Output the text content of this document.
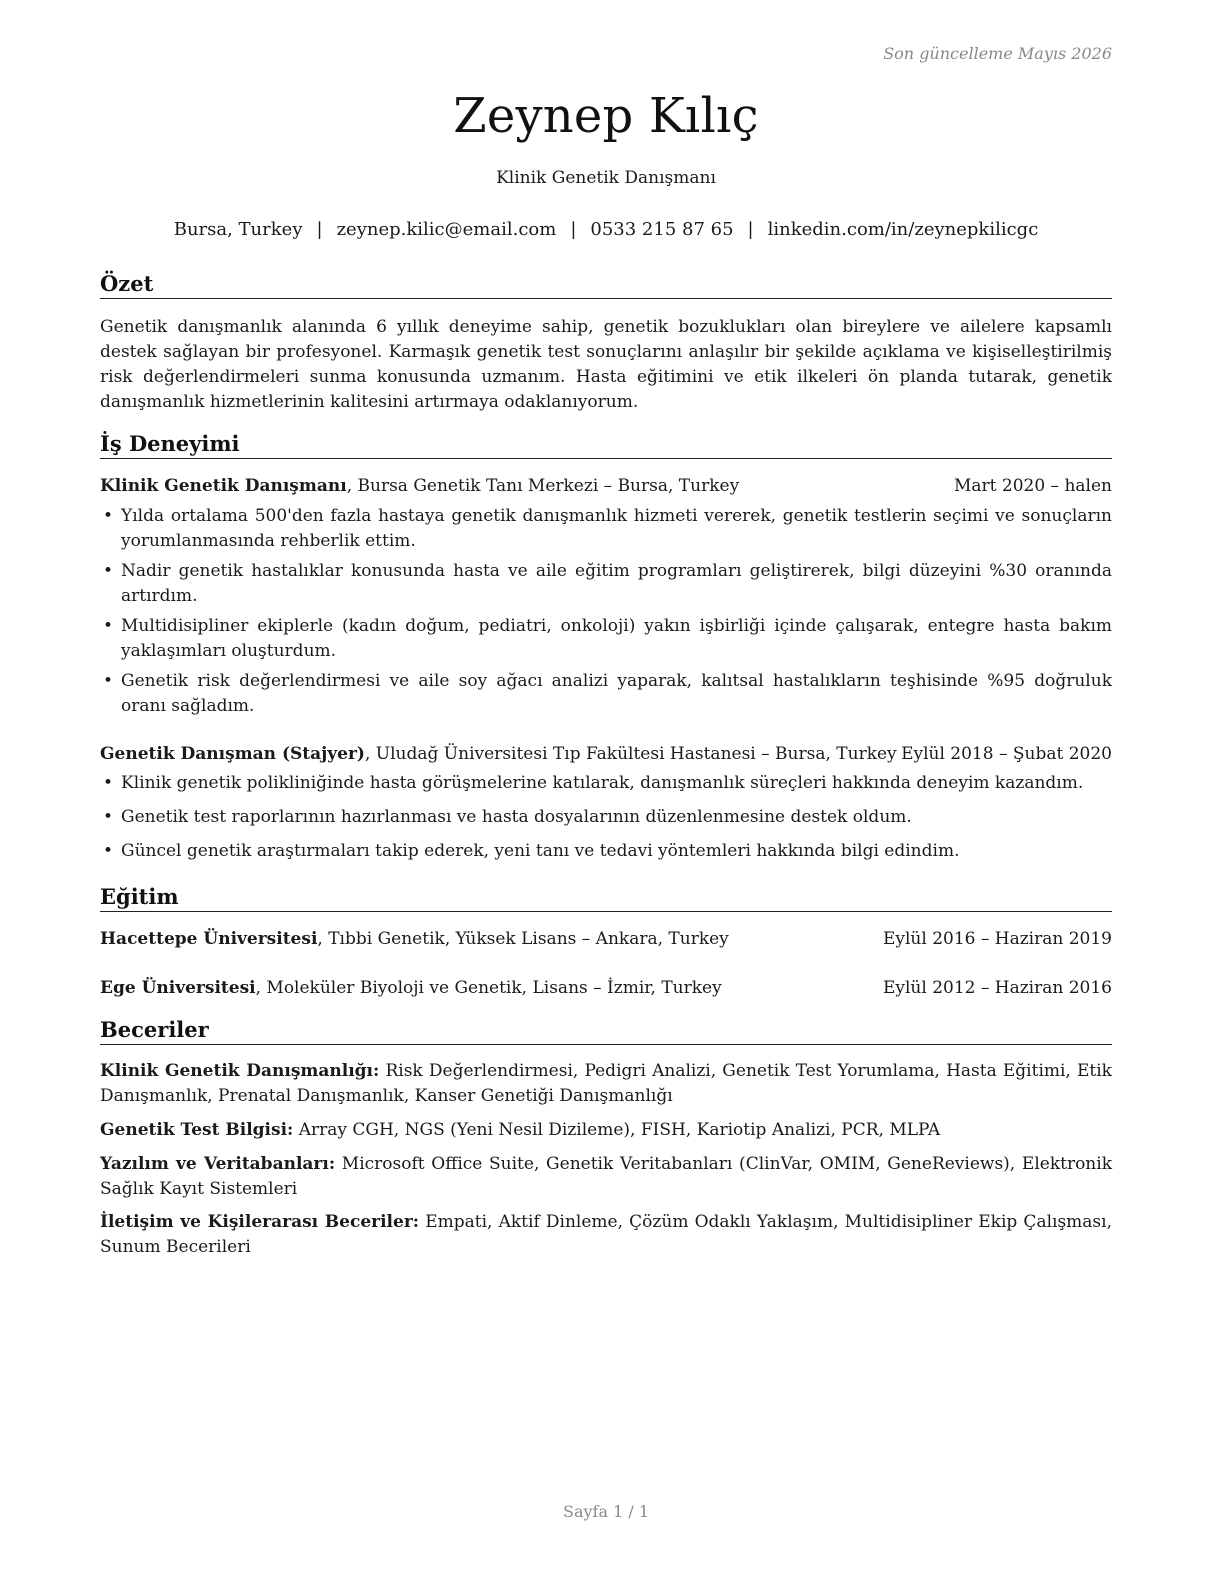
Son güncelleme Mayıs 2026
Zeynep Kılıç
Klinik Genetik Danışmanı
Bursa, Turkey | zeynep.kilic@email.com | 0533 215 87 65 | linkedin.com/in/zeynepkilicgc
Özet
Genetik danışmanlık alanında 6 yıllık deneyime sahip, genetik bozuklukları olan bireylere ve ailelere kapsamlı destek sağlayan bir profesyonel. Karmaşık genetik test sonuçlarını anlaşılır bir şekilde açıklama ve kişiselleştirilmiş risk değerlendirmeleri sunma konusunda uzmanım. Hasta eğitimini ve etik ilkeleri ön planda tutarak, genetik danışmanlık hizmetlerinin kalitesini artırmaya odaklanıyorum.
İş Deneyimi
Klinik Genetik Danışmanı, Bursa Genetik Tanı Merkezi – Bursa, Turkey	Mart 2020 – halen
• Yılda ortalama 500'den fazla hastaya genetik danışmanlık hizmeti vererek, genetik testlerin seçimi ve sonuçların yorumlanmasında rehberlik ettim.
• Nadir genetik hastalıklar konusunda hasta ve aile eğitim programları geliştirerek, bilgi düzeyini %30 oranında artırdım.
• Multidisipliner ekiplerle (kadın doğum, pediatri, onkoloji) yakın işbirliği içinde çalışarak, entegre hasta bakım yaklaşımları oluşturdum.
• Genetik risk değerlendirmesi ve aile soy ağacı analizi yaparak, kalıtsal hastalıkların teşhisinde %95 doğruluk oranı sağladım.
Genetik Danışman (Stajyer), Uludağ Üniversitesi Tıp Fakültesi Hastanesi – Bursa, Turkey Eylül 2018 – Şubat 2020
• Klinik genetik polikliniğinde hasta görüşmelerine katılarak, danışmanlık süreçleri hakkında deneyim kazandım.
• Genetik test raporlarının hazırlanması ve hasta dosyalarının düzenlenmesine destek oldum.
• Güncel genetik araştırmaları takip ederek, yeni tanı ve tedavi yöntemleri hakkında bilgi edindim.
Eğitim
Hacettepe Üniversitesi, Tıbbi Genetik, Yüksek Lisans – Ankara, Turkey	Eylül 2016 – Haziran 2019
Ege Üniversitesi, Moleküler Biyoloji ve Genetik, Lisans – İzmir, Turkey	Eylül 2012 – Haziran 2016
Beceriler
Klinik Genetik Danışmanlığı: Risk Değerlendirmesi, Pedigri Analizi, Genetik Test Yorumlama, Hasta Eğitimi, Etik Danışmanlık, Prenatal Danışmanlık, Kanser Genetiği Danışmanlığı
Genetik Test Bilgisi: Array CGH, NGS (Yeni Nesil Dizileme), FISH, Kariotip Analizi, PCR, MLPA
Yazılım ve Veritabanları: Microsoft Office Suite, Genetik Veritabanları (ClinVar, OMIM, GeneReviews), Elektronik Sağlık Kayıt Sistemleri
İletişim ve Kişilerarası Beceriler: Empati, Aktif Dinleme, Çözüm Odaklı Yaklaşım, Multidisipliner Ekip Çalışması, Sunum Becerileri
Sayfa 1 / 1
